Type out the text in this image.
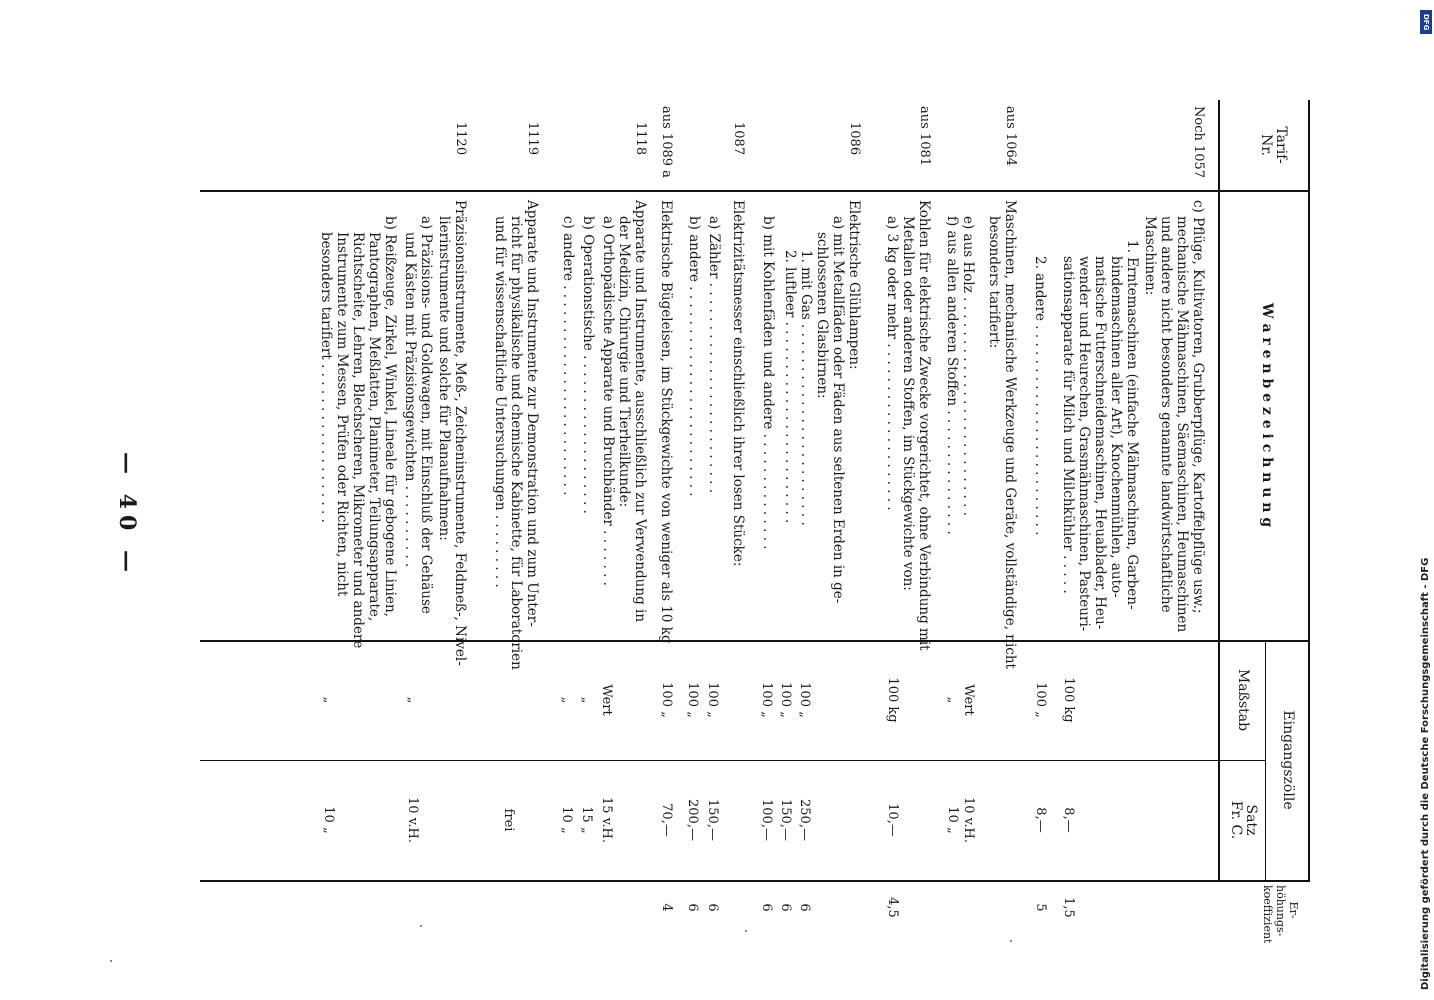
Tarif-
Nr.
W a r e n b e z e i c h n u n g
Eingangszölle
Maßstab
Satz
Fr. C.
Er-
höhungs-
koeffizient
Noch 1057
c) Pflüge, Kultivatoren, Grubberpflüge, Kartoffelpflüge usw.;
mechanische Mähmaschinen, Säemaschinen, Heumaschinen
und andere nicht besonders genannte landwirtschaftliche
Maschinen:
1. Erntemaschinen (einfache Mähmaschinen, Garben-
bindemaschinen aller Art), Knochenmühlen, auto-
matische Futterschneidemaschinen, Heuablader, Heu-
wender und Heurechen, Grasmähmaschinen, Pasteuri-
sationsapparate für Milch und Milchkühler . . . . .
100 kg
8,—
1,5
2. andere . . . . . . . . . . . . . . . . . . . . . . . . .
100 „
8,—
5
aus 1064
Maschinen, mechanische Werkzeuge und Geräte, vollständige, nicht
besonders tarifiert:
e) aus Holz . . . . . . . . . . . . . . . . . . . . . . . . . .
f) aus allen anderen Stoffen . . . . . . . . . . . . . . .
Wert
„
10 v.H.
10 „
aus 1081
Kohlen für elektrische Zwecke vorgerichtet, ohne Verbindung mit
Metallen oder anderen Stoffen, im Stückgewichte von:
a) 3 kg oder mehr . . . . . . . . . . . . . . . . . . . .
100 kg
10,—
4,5
1086
Elektrische Glühlampen:
a) mit Metallfäden oder Fäden aus seltenen Erden in ge-
schlossenen Glasbirnen:
1. mit Gas . . . . . . . . . . . . . . . . . . . . . . . .
2. luftleer . . . . . . . . . . . . . . . . . . . . . . . .
b) mit Kohlenfäden und andere . . . . . . . . . . . . . .
100 „
100 „
100 „
250,—
150,—
100,—
6
6
6
1087
Elektrizitätsmesser einschließlich ihrer losen Stücke:
a) Zähler . . . . . . . . . . . . . . . . . . . . . . . . .
b) andere . . . . . . . . . . . . . . . . . . . . . . . . .
100 „
100 „
150,—
200,—
6
6
aus 1089 a
Elektrische Bügeleisen, im Stückgewichte von weniger als 10 kg
100 „
70,—
4
1118
Apparate und Instrumente, ausschließlich zur Verwendung in
der Medizin, Chirurgie und Tierheilkunde:
a) Orthopädische Apparate und Bruchbänder . . . . . . .
b) Operationstische . . . . . . . . . . . . . . . . . . .
c) andere . . . . . . . . . . . . . . . . . . . . . . . . .
Wert
„
„
15 v.H.
15 „
10 „
1119
Apparate und Instrumente zur Demonstration und zum Unter-
richt für physikalische und chemische Kabinette, für Laboratorien
und für wissenschaftliche Untersuchungen . . . . . . . . .
frei
1120
Präzisionsinstrumente, Meß-, Zeicheninstrumente, Feldmeß-, Nivel-
lierinstrumente und solche für Planaufnahmen:
a) Präzisions- und Goldwagen, mit Einschluß der Gehäuse
und Kästen mit Präzisionsgewichten . . . . . . . . . .
b) Reißzeuge, Zirkel, Winkel, Lineale für gebogene Linien,
Pantographen, Meßlatten, Planimeter, Teilungsapparate,
Richtscheite, Lehren, Blechscheren, Mikrometer und andere
Instrumente zum Messen, Prüfen oder Richten, nicht
besonders tarifiert . . . . . . . . . . . . . . . . . . .
„

„
10 v.H.

10 „
— 40 —
DFG
Digitalisierung gefördert durch die Deutsche Forschungsgemeinschaft - DFG
